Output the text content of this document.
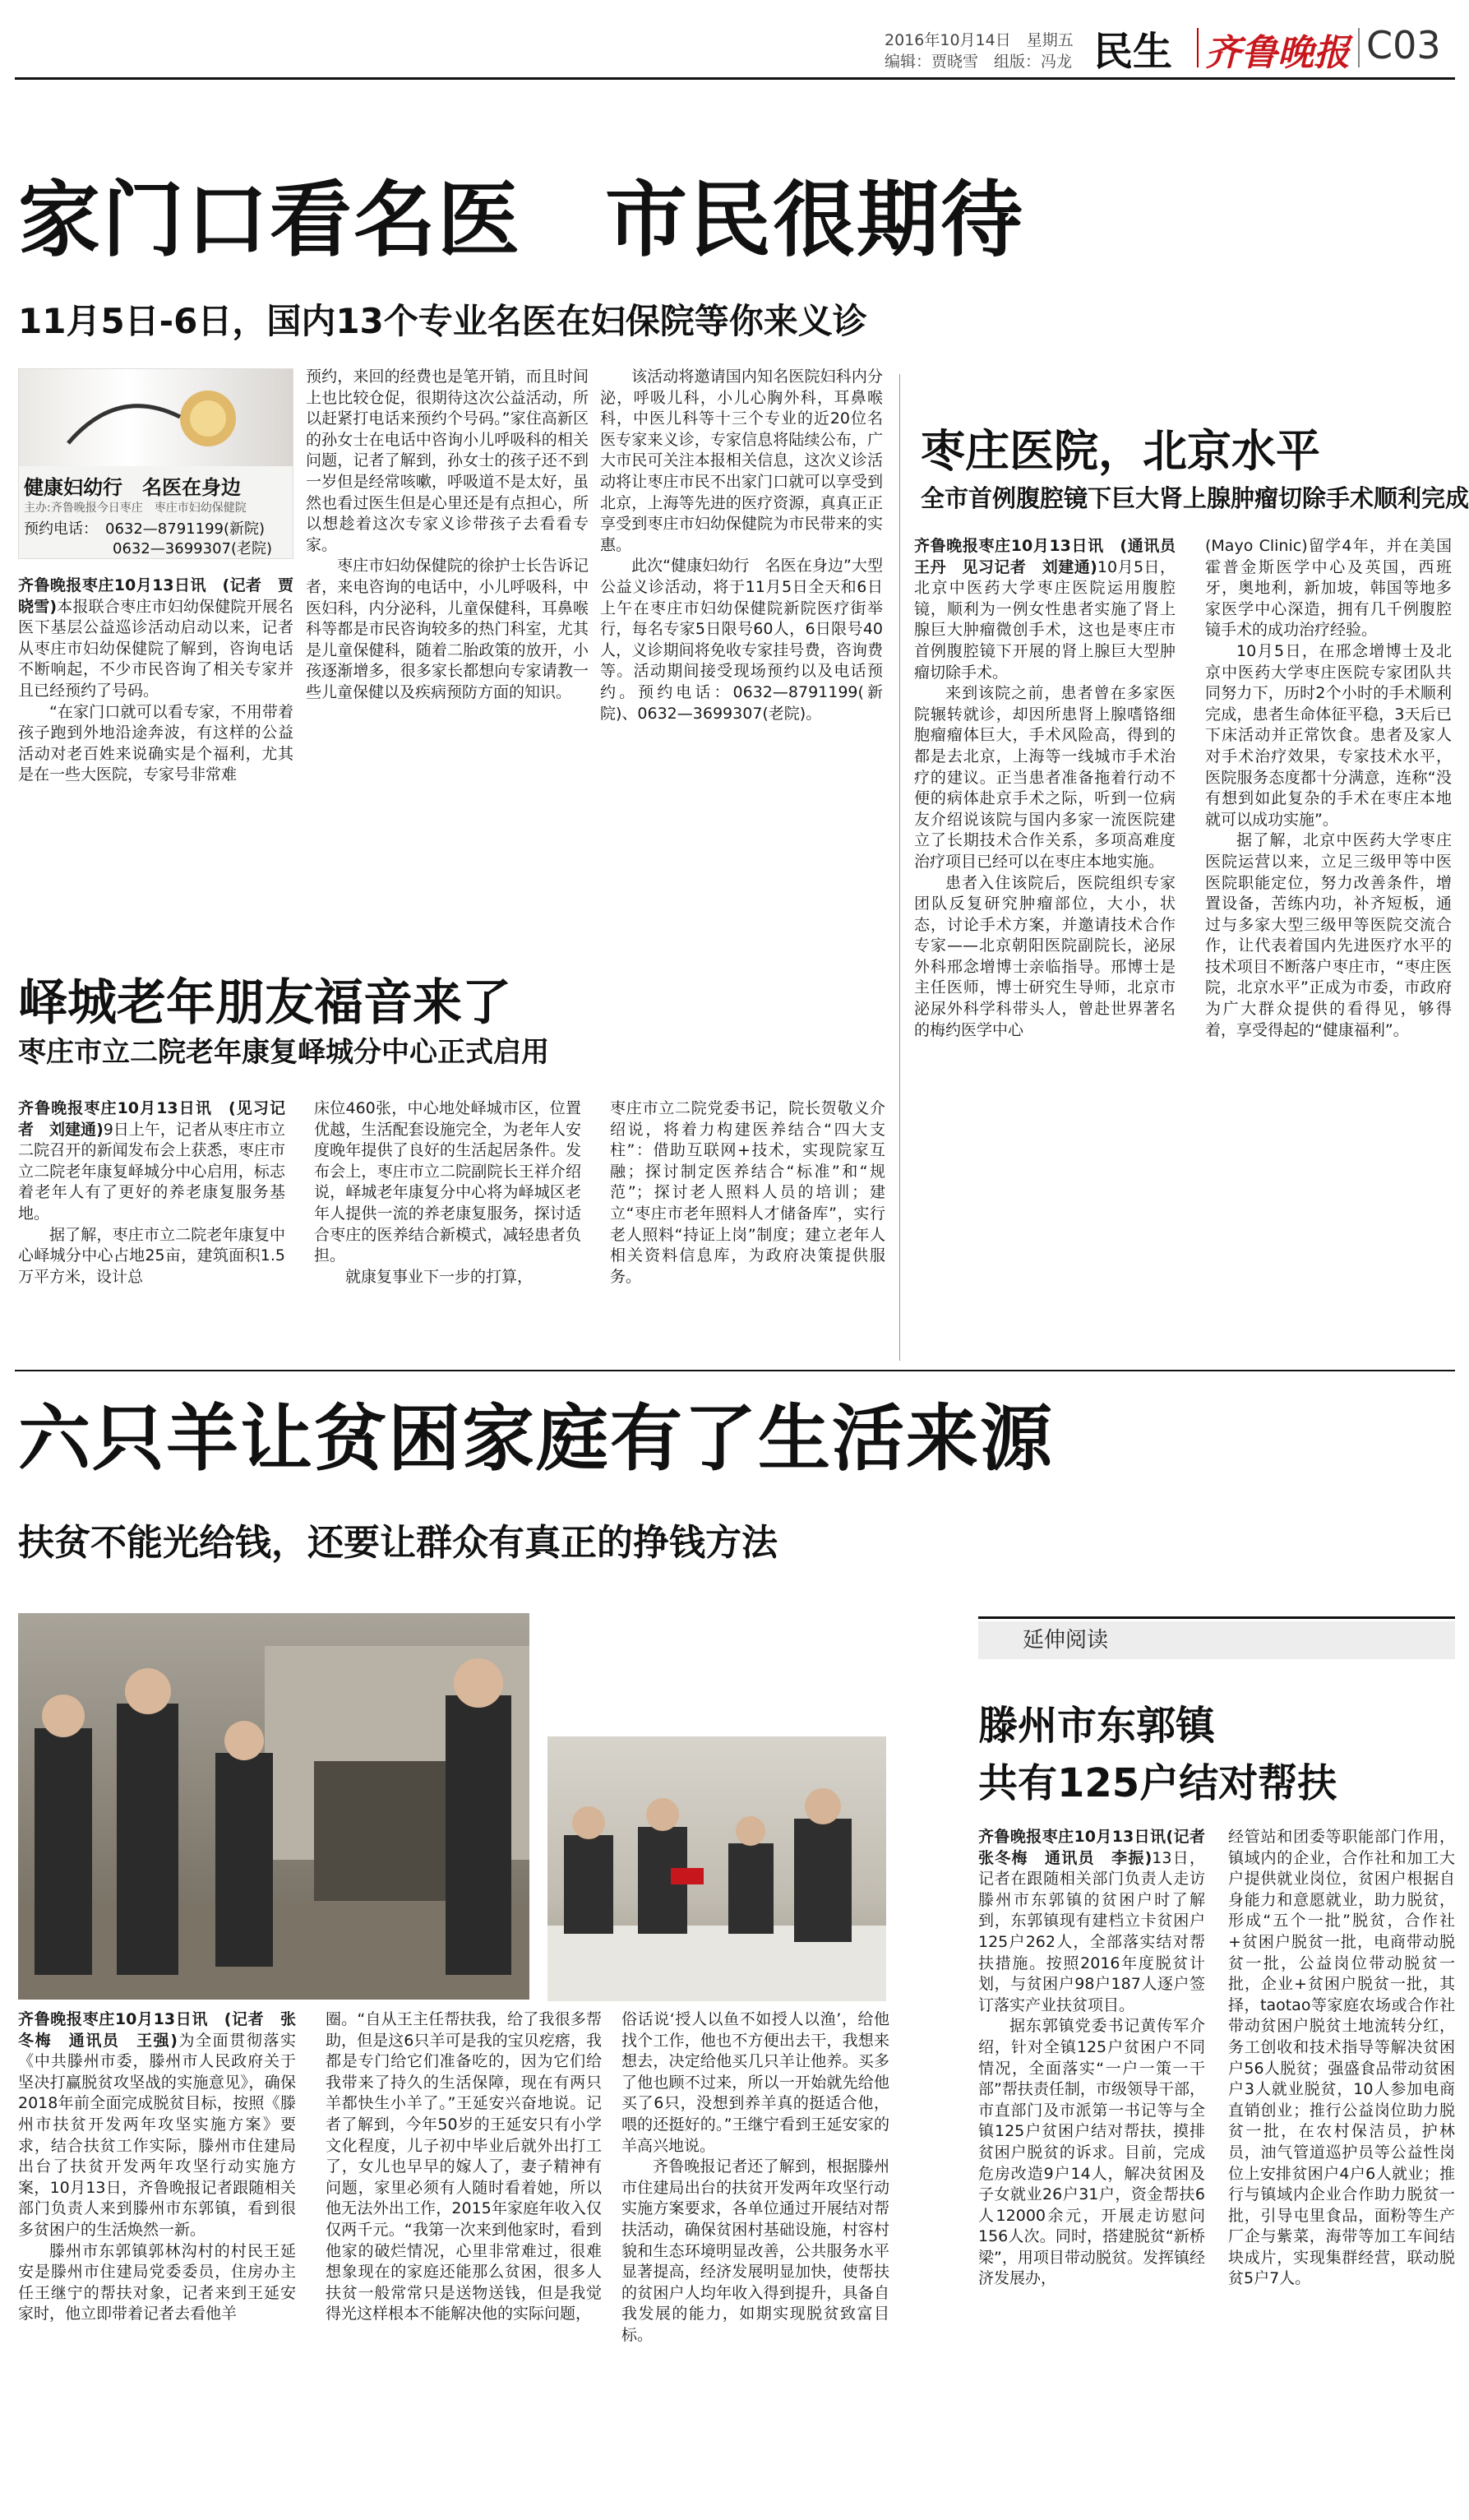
2016年10月14日　星期五
编辑：贾晓雪　组版：冯龙 民生 齐鲁晚报 C03
家门口看名医　市民很期待
11月5日-6日，国内13个专业名医在妇保院等你来义诊
健康妇幼行　名医在身边
主办:齐鲁晚报今日枣庄　枣庄市妇幼保健院
预约电话：　0632—8791199(新院)
　　　　　　0632—3699307(老院)

齐鲁晚报枣庄10月13日讯　(记者　贾晓雪)本报联合枣庄市妇幼保健院开展名医下基层公益巡诊活动启动以来，记者从枣庄市妇幼保健院了解到，咨询电话不断响起，不少市民咨询了相关专家并且已经预约了号码。

“在家门口就可以看专家，不用带着孩子跑到外地沿途奔波，有这样的公益活动对老百姓来说确实是个福利，尤其是在一些大医院，专家号非常难

预约，来回的经费也是笔开销，而且时间上也比较仓促，很期待这次公益活动，所以赶紧打电话来预约个号码。”家住高新区的孙女士在电话中咨询小儿呼吸科的相关问题，记者了解到，孙女士的孩子还不到一岁但是经常咳嗽，呼吸道不是太好，虽然也看过医生但是心里还是有点担心，所以想趁着这次专家义诊带孩子去看看专家。

枣庄市妇幼保健院的徐护士长告诉记者，来电咨询的电话中，小儿呼吸科，中医妇科，内分泌科，儿童保健科，耳鼻喉科等都是市民咨询较多的热门科室，尤其是儿童保健科，随着二胎政策的放开，小孩逐渐增多，很多家长都想向专家请教一些儿童保健以及疾病预防方面的知识。

该活动将邀请国内知名医院妇科内分泌，呼吸儿科，小儿心胸外科，耳鼻喉科，中医儿科等十三个专业的近20位名医专家来义诊，专家信息将陆续公布，广大市民可关注本报相关信息，这次义诊活动将让枣庄市民不出家门口就可以享受到北京，上海等先进的医疗资源，真真正正享受到枣庄市妇幼保健院为市民带来的实惠。

此次“健康妇幼行　名医在身边”大型公益义诊活动，将于11月5日全天和6日上午在枣庄市妇幼保健院新院医疗街举行，每名专家5日限号60人，6日限号40人，义诊期间将免收专家挂号费，咨询费等。活动期间接受现场预约以及电话预约。预约电话：0632—8791199(新院)、0632—3699307(老院)。

枣庄医院，北京水平
全市首例腹腔镜下巨大肾上腺肿瘤切除手术顺利完成

齐鲁晚报枣庄10月13日讯　(通讯员　王丹　见习记者　刘建通)10月5日，北京中医药大学枣庄医院运用腹腔镜，顺利为一例女性患者实施了肾上腺巨大肿瘤微创手术，这也是枣庄市首例腹腔镜下开展的肾上腺巨大型肿瘤切除手术。

来到该院之前，患者曾在多家医院辗转就诊，却因所患肾上腺嗜铬细胞瘤瘤体巨大，手术风险高，得到的都是去北京，上海等一线城市手术治疗的建议。正当患者准备拖着行动不便的病体赴京手术之际，听到一位病友介绍说该院与国内多家一流医院建立了长期技术合作关系，多项高难度治疗项目已经可以在枣庄本地实施。

患者入住该院后，医院组织专家团队反复研究肿瘤部位，大小，状态，讨论手术方案，并邀请技术合作专家——北京朝阳医院副院长，泌尿外科邢念增博士亲临指导。邢博士是主任医师，博士研究生导师，北京市泌尿外科学科带头人，曾赴世界著名的梅约医学中心

(Mayo Clinic)留学4年，并在美国霍普金斯医学中心及英国，西班牙，奥地利，新加坡，韩国等地多家医学中心深造，拥有几千例腹腔镜手术的成功治疗经验。

10月5日，在邢念增博士及北京中医药大学枣庄医院专家团队共同努力下，历时2个小时的手术顺利完成，患者生命体征平稳，3天后已下床活动并正常饮食。患者及家人对手术治疗效果，专家技术水平，医院服务态度都十分满意，连称“没有想到如此复杂的手术在枣庄本地就可以成功实施”。

据了解，北京中医药大学枣庄医院运营以来，立足三级甲等中医医院职能定位，努力改善条件，增置设备，苦练内功，补齐短板，通过与多家大型三级甲等医院交流合作，让代表着国内先进医疗水平的技术项目不断落户枣庄市，“枣庄医院，北京水平”正成为市委，市政府为广大群众提供的看得见，够得着，享受得起的“健康福利”。

峄城老年朋友福音来了
枣庄市立二院老年康复峄城分中心正式启用

齐鲁晚报枣庄10月13日讯　(见习记者　刘建通)9日上午，记者从枣庄市立二院召开的新闻发布会上获悉，枣庄市立二院老年康复峄城分中心启用，标志着老年人有了更好的养老康复服务基地。

据了解，枣庄市立二院老年康复中心峄城分中心占地25亩，建筑面积1.5万平方米，设计总

床位460张，中心地处峄城市区，位置优越，生活配套设施完全，为老年人安度晚年提供了良好的生活起居条件。发布会上，枣庄市立二院副院长王祥介绍说，峄城老年康复分中心将为峄城区老年人提供一流的养老康复服务，探讨适合枣庄的医养结合新模式，减轻患者负担。

就康复事业下一步的打算，

枣庄市立二院党委书记，院长贺敬义介绍说，将着力构建医养结合“四大支柱”：借助互联网+技术，实现院家互融；探讨制定医养结合“标准”和“规范”；探讨老人照料人员的培训；建立“枣庄市老年照料人才储备库”，实行老人照料“持证上岗”制度；建立老年人相关资料信息库，为政府决策提供服务。

六只羊让贫困家庭有了生活来源
扶贫不能光给钱，还要让群众有真正的挣钱方法

齐鲁晚报枣庄10月13日讯　(记者　张冬梅　通讯员　王强)为全面贯彻落实《中共滕州市委，滕州市人民政府关于坚决打赢脱贫攻坚战的实施意见》，确保2018年前全面完成脱贫目标，按照《滕州市扶贫开发两年攻坚实施方案》要求，结合扶贫工作实际，滕州市住建局出台了扶贫开发两年攻坚行动实施方案，10月13日，齐鲁晚报记者跟随相关部门负责人来到滕州市东郭镇，看到很多贫困户的生活焕然一新。

滕州市东郭镇郭林沟村的村民王延安是滕州市住建局党委委员，住房办主任王继宁的帮扶对象，记者来到王延安家时，他立即带着记者去看他羊

圈。“自从王主任帮扶我，给了我很多帮助，但是这6只羊可是我的宝贝疙瘩，我都是专门给它们准备吃的，因为它们给我带来了持久的生活保障，现在有两只羊都快生小羊了。”王延安兴奋地说。记者了解到，今年50岁的王延安只有小学文化程度，儿子初中毕业后就外出打工了，女儿也早早的嫁人了，妻子精神有问题，家里必须有人随时看着她，所以他无法外出工作，2015年家庭年收入仅仅两千元。“我第一次来到他家时，看到他家的破烂情况，心里非常难过，很难想象现在的家庭还能那么贫困，很多人扶贫一般常常只是送物送钱，但是我觉得光这样根本不能解决他的实际问题，

俗话说‘授人以鱼不如授人以渔’，给他找个工作，他也不方便出去干，我想来想去，决定给他买几只羊让他养。买多了他也顾不过来，所以一开始就先给他买了6只，没想到养羊真的挺适合他，喂的还挺好的。”王继宁看到王延安家的羊高兴地说。

齐鲁晚报记者还了解到，根据滕州市住建局出台的扶贫开发两年攻坚行动实施方案要求，各单位通过开展结对帮扶活动，确保贫困村基础设施，村容村貌和生态环境明显改善，公共服务水平显著提高，经济发展明显加快，使帮扶的贫困户人均年收入得到提升，具备自我发展的能力，如期实现脱贫致富目标。

延伸阅读
滕州市东郭镇
共有125户结对帮扶

齐鲁晚报枣庄10月13日讯(记者　张冬梅　通讯员　李振)13日，记者在跟随相关部门负责人走访滕州市东郭镇的贫困户时了解到，东郭镇现有建档立卡贫困户125户262人，全部落实结对帮扶措施。按照2016年度脱贫计划，与贫困户98户187人逐户签订落实产业扶贫项目。

据东郭镇党委书记黄传军介绍，针对全镇125户贫困户不同情况，全面落实“一户一策一干部”帮扶责任制，市级领导干部，市直部门及市派第一书记等与全镇125户贫困户结对帮扶，摸排贫困户脱贫的诉求。目前，完成危房改造9户14人，解决贫困及子女就业26户31户，资金帮扶6人12000余元，开展走访慰问156人次。同时，搭建脱贫“新桥梁”，用项目带动脱贫。发挥镇经济发展办，

经管站和团委等职能部门作用，镇域内的企业，合作社和加工大户提供就业岗位，贫困户根据自身能力和意愿就业，助力脱贫，形成“五个一批”脱贫，合作社+贫困户脱贫一批，电商带动脱贫一批，公益岗位带动脱贫一批，企业+贫困户脱贫一批，其择，taotao等家庭农场或合作社带动贫困户脱贫土地流转分红，务工创收和技术指导等解决贫困户56人脱贫；强盛食品带动贫困户3人就业脱贫，10人参加电商直销创业；推行公益岗位助力脱贫一批，在农村保洁员，护林员，油气管道巡护员等公益性岗位上安排贫困户4户6人就业；推行与镇域内企业合作助力脱贫一批，引导屯里食品，面粉等生产厂企与紫菜，海带等加工车间结块成片，实现集群经营，联动脱贫5户7人。
